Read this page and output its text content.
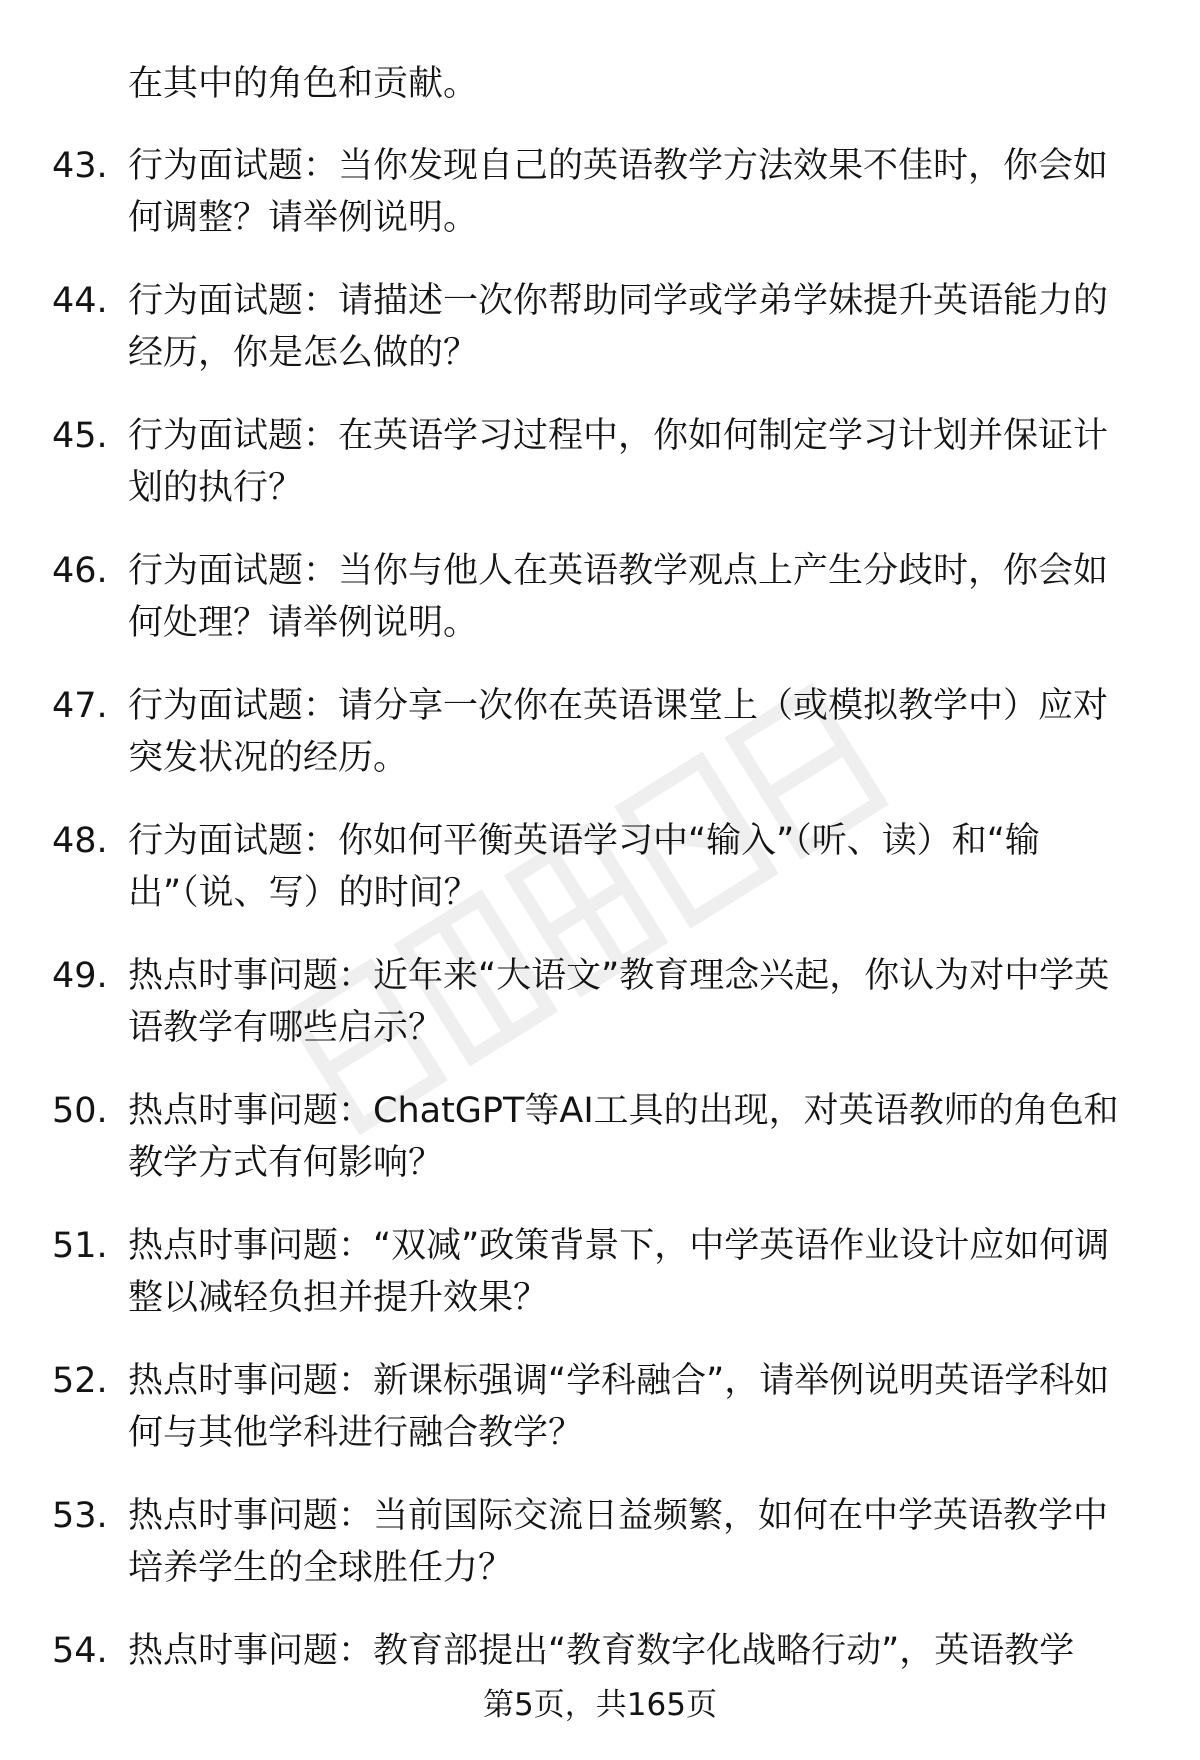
在其中的角色和贡献。
43. 行为面试题：当你发现自己的英语教学方法效果不佳时，你会如何调整？请举例说明。
44. 行为面试题：请描述一次你帮助同学或学弟学妹提升英语能力的经历，你是怎么做的？
45. 行为面试题：在英语学习过程中，你如何制定学习计划并保证计划的执行？
46. 行为面试题：当你与他人在英语教学观点上产生分歧时，你会如何处理？请举例说明。
47. 行为面试题：请分享一次你在英语课堂上（或模拟教学中）应对突发状况的经历。
48. 行为面试题：你如何平衡英语学习中“输入”（听、读）和“输出”（说、写）的时间？
49. 热点时事问题：近年来“大语文”教育理念兴起，你认为对中学英语教学有哪些启示？
50. 热点时事问题：ChatGPT等AI工具的出现，对英语教师的角色和教学方式有何影响？
51. 热点时事问题：“双减”政策背景下，中学英语作业设计应如何调整以减轻负担并提升效果？
52. 热点时事问题：新课标强调“学科融合”，请举例说明英语学科如何与其他学科进行融合教学？
53. 热点时事问题：当前国际交流日益频繁，如何在中学英语教学中培养学生的全球胜任力？
54. 热点时事问题：教育部提出“教育数字化战略行动”，英语教学
第5页，共165页
